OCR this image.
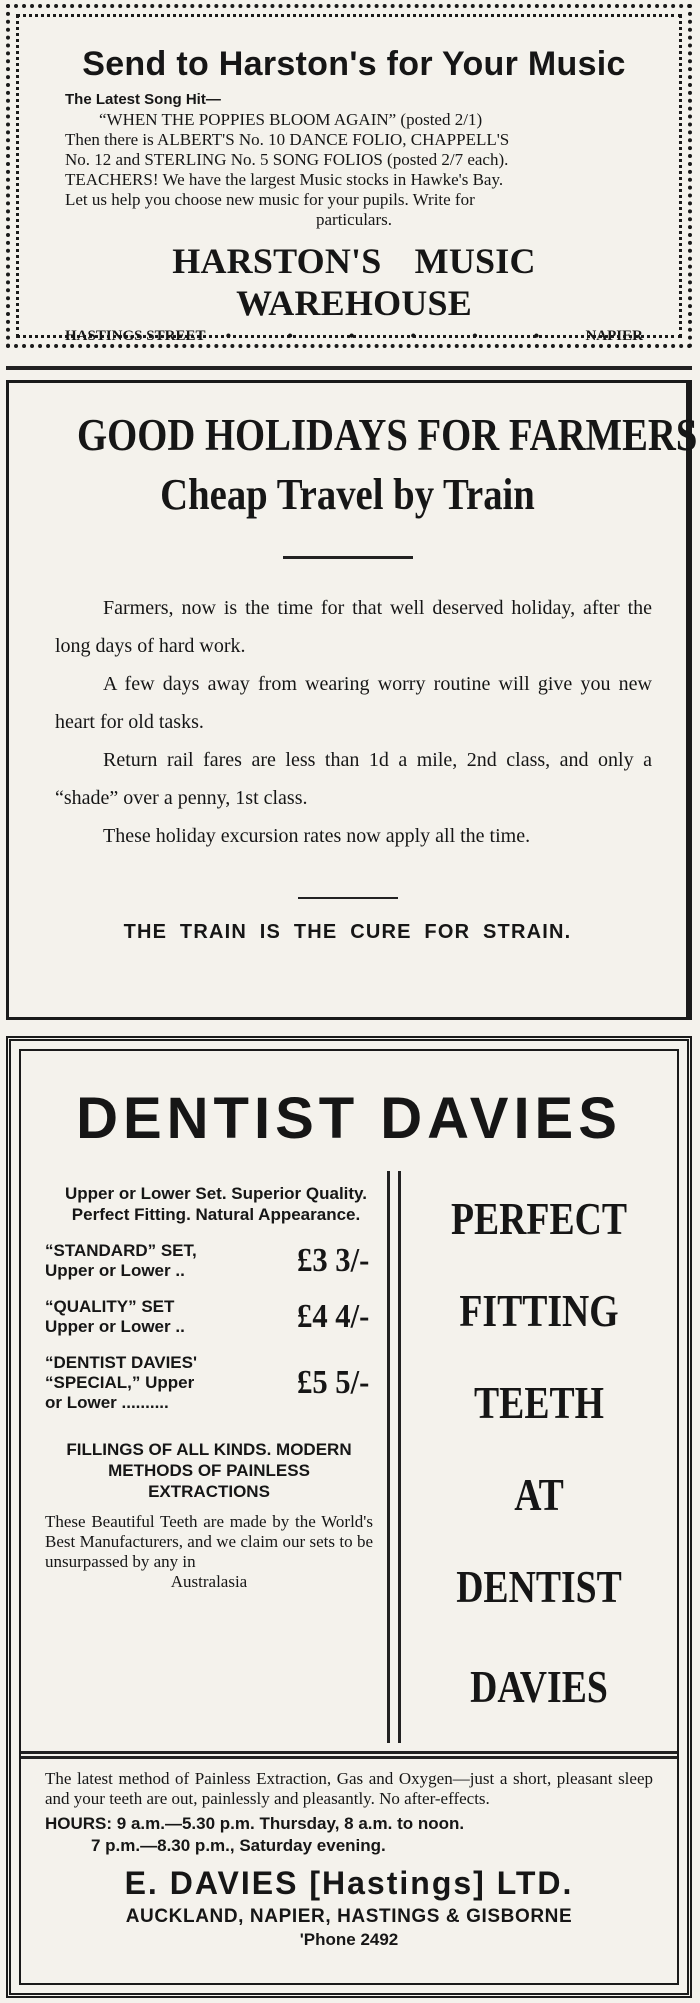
Send to Harston's for Your Music
The Latest Song Hit—
“WHEN THE POPPIES BLOOM AGAIN” (posted 2/1)
Then there is ALBERT'S No. 10 DANCE FOLIO, CHAPPELL'S
No. 12 and STERLING No. 5 SONG FOLIOS (posted 2/7 each).
TEACHERS! We have the largest Music stocks in Hawke's Bay.
Let us help you choose new music for your pupils. Write for
particulars.
HARSTON'S MUSIC WAREHOUSE
HASTINGS STREET • • • • • • NAPIER
GOOD HOLIDAYS FOR FARMERS
Cheap Travel by Train

Farmers, now is the time for that well deserved holiday, after the long days of hard work.

A few days away from wearing worry routine will give you new heart for old tasks.

Return rail fares are less than 1d a mile, 2nd class, and only a “shade” over a penny, 1st class.

These holiday excursion rates now apply all the time.

THE TRAIN IS THE CURE FOR STRAIN.
DENTIST DAVIES
Upper or Lower Set. Superior Quality. Perfect Fitting. Natural Appearance.
“STANDARD” SET,
Upper or Lower ..	£3 3/-
“QUALITY” SET
Upper or Lower ..	£4 4/-
“DENTIST DAVIES'
“SPECIAL,” Upper
or Lower ..........
£5 5/-
FILLINGS OF ALL KINDS. MODERN METHODS OF PAINLESS EXTRACTIONS
These Beautiful Teeth are made by the World's Best Manufacturers, and we claim our sets to be unsurpassed by any in
Australasia
PERFECT
FITTING
TEETH
AT
DENTIST
DAVIES
The latest method of Painless Extraction, Gas and Oxygen—just a short, pleasant sleep and your teeth are out, painlessly and pleasantly. No after-effects.
HOURS: 9 a.m.—5.30 p.m. Thursday, 8 a.m. to noon.
7 p.m.—8.30 p.m., Saturday evening.
E. DAVIES [Hastings] LTD.
AUCKLAND, NAPIER, HASTINGS & GISBORNE
'Phone 2492
